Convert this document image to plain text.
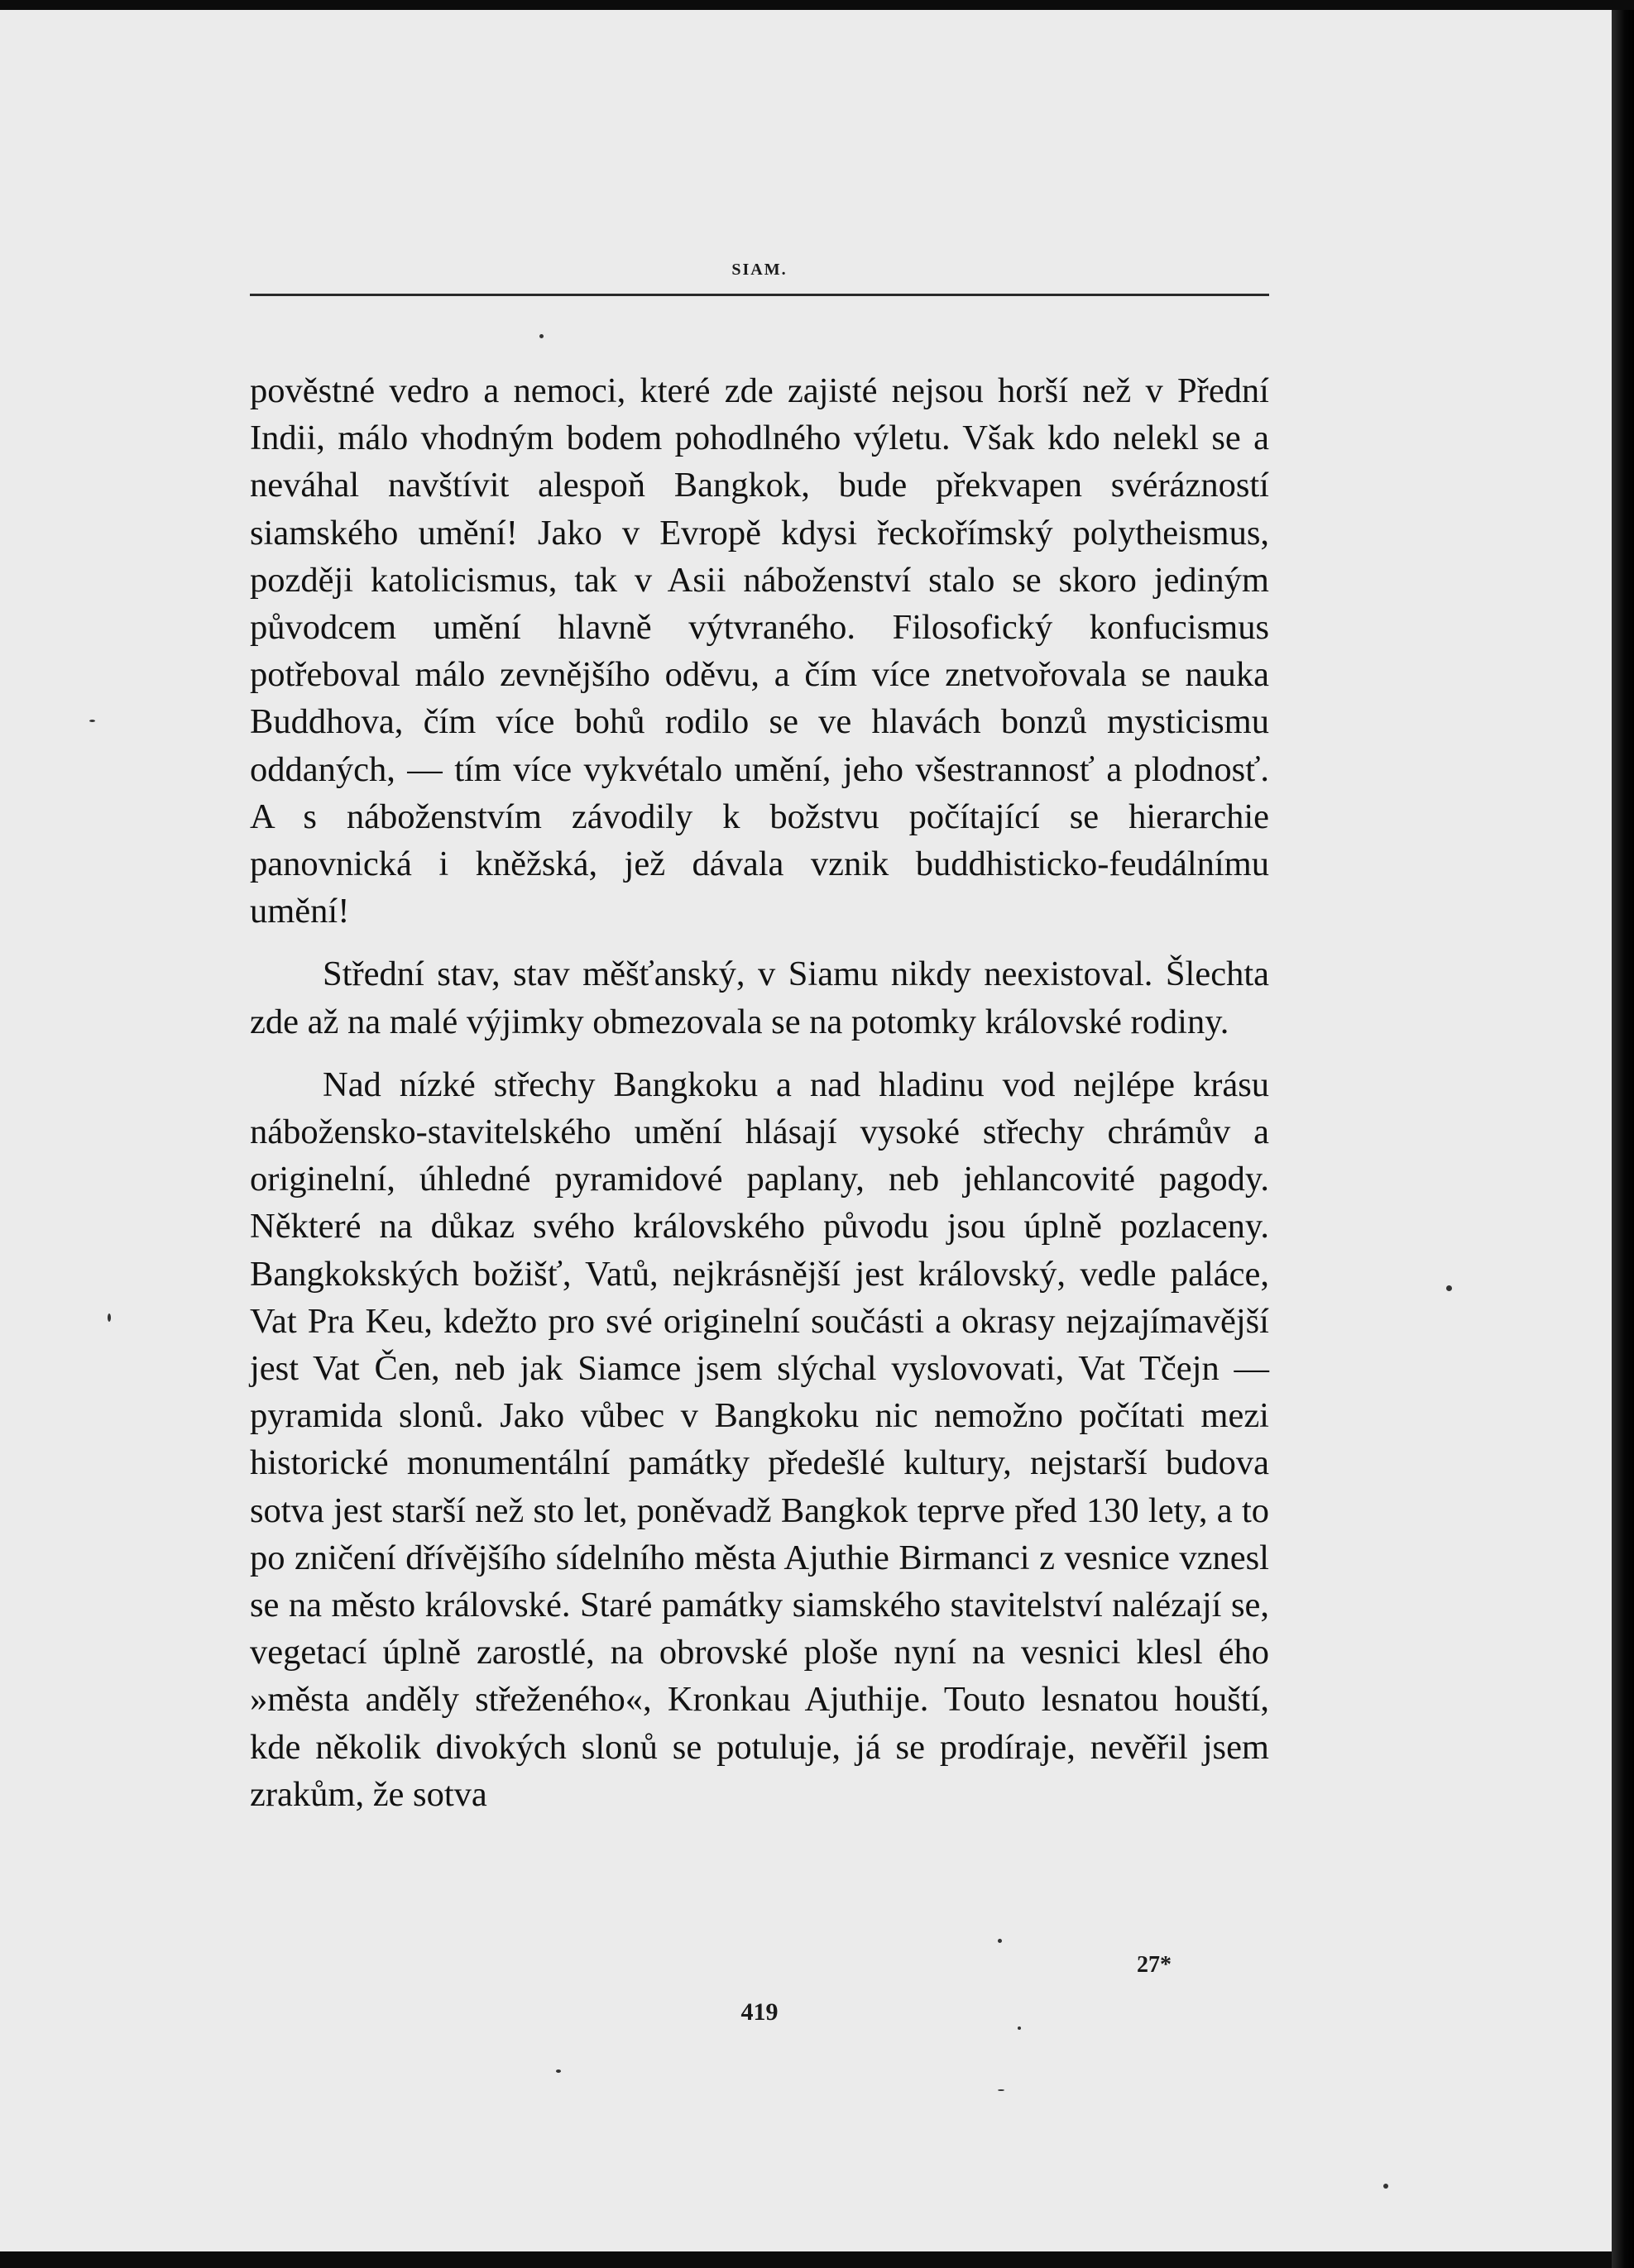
SIAM.

pověstné vedro a nemoci, které zde zajisté nejsou horší než v Přední Indii, málo vhodným bodem pohodlného výletu. Však kdo nelekl se a neváhal navštívit alespoň Bangkok, bude překvapen svérázností siamského umění! Jako v Evropě kdysi řeckořímský polytheismus, později katolicismus, tak v Asii náboženství stalo se skoro jediným původcem umění hlavně výtvraného. Filosofický konfucismus potřeboval málo zevnějšího oděvu, a čím více znetvořovala se nauka Buddhova, čím více bohů rodilo se ve hlavách bonzů mysticismu oddaných, — tím více vykvétalo umění, jeho všestrannosť a plodnosť. A s náboženstvím závodily k božstvu počítající se hierarchie panovnická i kněžská, jež dávala vznik buddhisticko-feudálnímu umění!

Střední stav, stav měšťanský, v Siamu nikdy neexistoval. Šlechta zde až na malé výjimky obmezovala se na potomky královské rodiny.

Nad nízké střechy Bangkoku a nad hladinu vod nejlépe krásu nábožensko-stavitelského umění hlásají vysoké střechy chrámův a originelní, úhledné pyramidové paplany, neb jehlancovité pagody. Některé na důkaz svého královského původu jsou úplně pozlaceny. Bangkokských božišť, Vatů, nejkrásnější jest královský, vedle paláce, Vat Pra Keu, kdežto pro své originelní součásti a okrasy nejzajímavější jest Vat Čen, neb jak Siamce jsem slýchal vyslovovati, Vat Tčejn — pyramida slonů. Jako vůbec v Bangkoku nic nemožno počítati mezi historické monumentální památky předešlé kultury, nejstarší budova sotva jest starší než sto let, poněvadž Bangkok teprve před 130 lety, a to po zničení dřívějšího sídelního města Ajuthie Birmanci z vesnice vznesl se na město královské. Staré památky siamského stavitelství nalézají se, vegetací úplně zarostlé, na obrovské ploše nyní na vesnici klesl ého »města anděly střeženého«, Kronkau Ajuthije. Touto lesnatou houští, kde několik divokých slonů se potuluje, já se prodíraje, nevěřil jsem zrakům, že sotva

27*
419
